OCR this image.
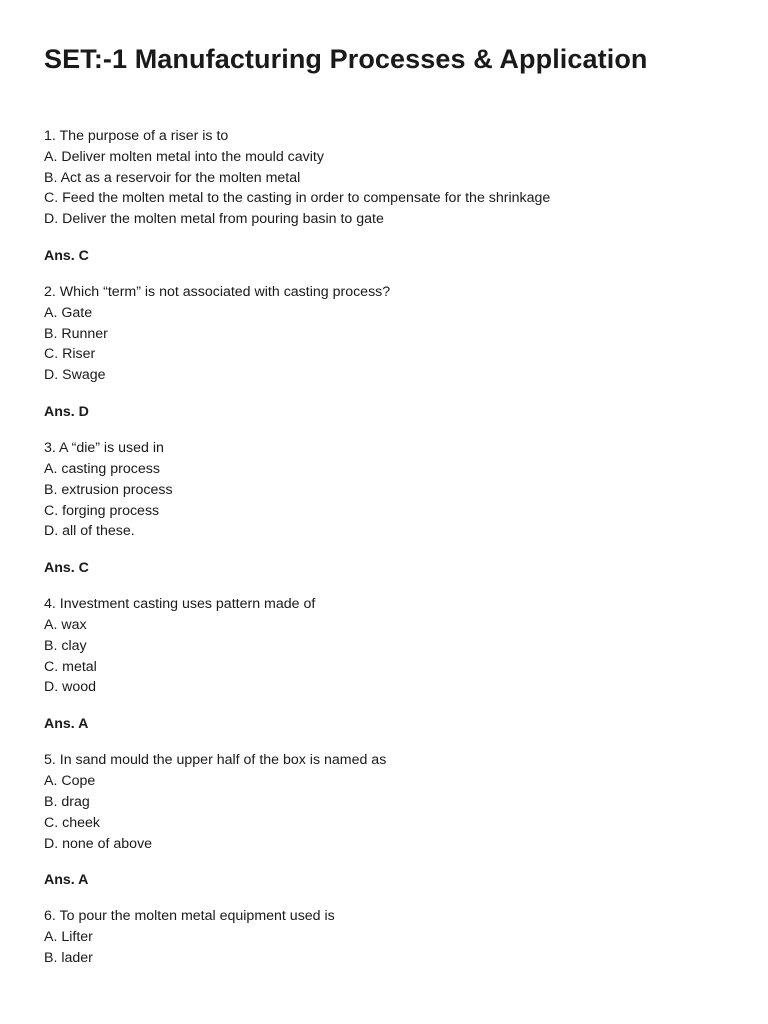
SET:-1 Manufacturing Processes & Application
1. The purpose of a riser is to
A. Deliver molten metal into the mould cavity
B. Act as a reservoir for the molten metal
C. Feed the molten metal to the casting in order to compensate for the shrinkage
D. Deliver the molten metal from pouring basin to gate
Ans. C
2. Which “term” is not associated with casting process?
A. Gate
B. Runner
C. Riser
D. Swage
Ans. D
3. A “die” is used in
A. casting process
B. extrusion process
C. forging process
D. all of these.
Ans. C
4. Investment casting uses pattern made of
A. wax
B. clay
C. metal
D. wood
Ans. A
5. In sand mould the upper half of the box is named as
A. Cope
B. drag
C. cheek
D. none of above
Ans. A
6. To pour the molten metal equipment used is
A. Lifter
B. lader
